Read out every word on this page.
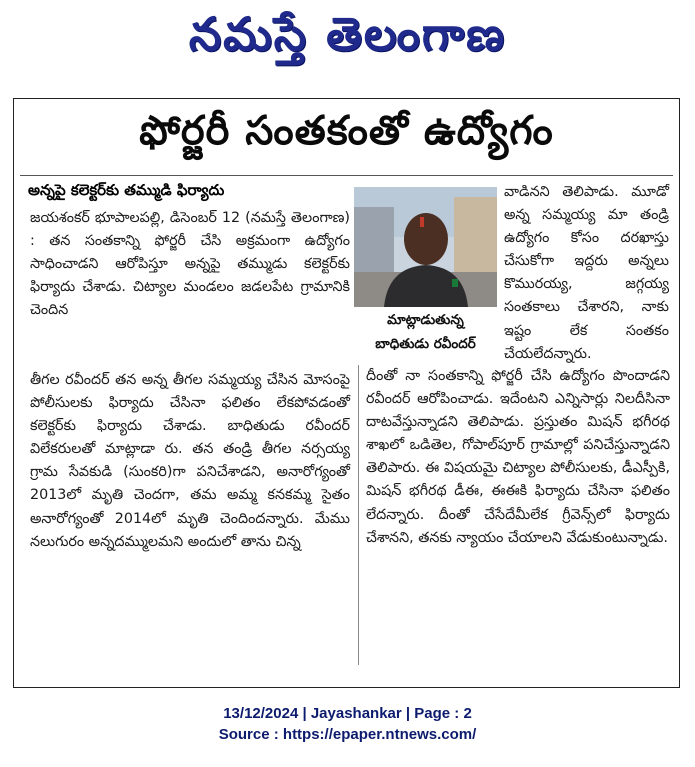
నమస్తే తెలంగాణ
ఫోర్జరీ సంతకంతో ఉద్యోగం
అన్నపై కలెక్టర్‌కు తమ్ముడి ఫిర్యాదు

జయశంకర్ భూపాలపల్లి, డిసెంబర్ 12 (నమస్తే తెలంగాణ) : తన సంతకాన్ని ఫోర్జరీ చేసి అక్రమంగా ఉద్యోగం సాధించాడని ఆరోపిస్తూ అన్నపై తమ్ముడు కలెక్టర్‌కు ఫిర్యాదు చేశాడు. చిట్యాల మండలం జడలపేట గ్రామానికి చెందిన

మాట్లాడుతున్న
బాధితుడు రవీందర్

వాడినని తెలిపాడు. మూడో అన్న సమ్మయ్య మా తండ్రి ఉద్యోగం కోసం దరఖాస్తు చేసుకోగా ఇద్దరు అన్నలు కొమురయ్య, జగ్గయ్య సంతకాలు చేశారని, నాకు ఇష్టం లేక సంతకం చేయలేదన్నారు.

తీగల రవీందర్ తన అన్న తీగల సమ్మయ్య చేసిన మోసంపై పోలీసులకు ఫిర్యాదు చేసినా ఫలితం లేకపోవడంతో కలెక్టర్‌కు ఫిర్యాదు చేశాడు. బాధితుడు రవీందర్ విలేకరులతో మాట్లాడా రు. తన తండ్రి తీగల నర్సయ్య గ్రామ సేవకుడి (సుంకరి)గా పనిచేశాడని, అనారోగ్యంతో 2013లో మృతి చెందగా, తమ అమ్మ కనకమ్మ సైతం అనారోగ్యంతో 2014లో మృతి చెందిందన్నారు. మేము నలుగురం అన్నదమ్ములమని అందులో తాను చిన్న

దీంతో నా సంతకాన్ని ఫోర్జరీ చేసి ఉద్యోగం పొందాడని రవీందర్ ఆరోపించాడు. ఇదేంటని ఎన్నిసార్లు నిలదీసినా దాటవేస్తున్నాడని తెలిపాడు. ప్రస్తుతం మిషన్ భగీరథ శాఖలో ఒడితెల, గోపాల్‌పూర్ గ్రామాల్లో పనిచేస్తున్నాడని తెలిపారు. ఈ విషయమై చిట్యాల పోలీసులకు, డీఎస్పీకి, మిషన్ భగీరథ డీఈ, ఈఈకి ఫిర్యాదు చేసినా ఫలితం లేదన్నారు. దీంతో చేసేదేమీలేక గ్రీవెన్స్‌లో ఫిర్యాదు చేశానని, తనకు న్యాయం చేయాలని వేడుకుంటున్నాడు.

13/12/2024 | Jayashankar | Page : 2
Source : https://epaper.ntnews.com/
